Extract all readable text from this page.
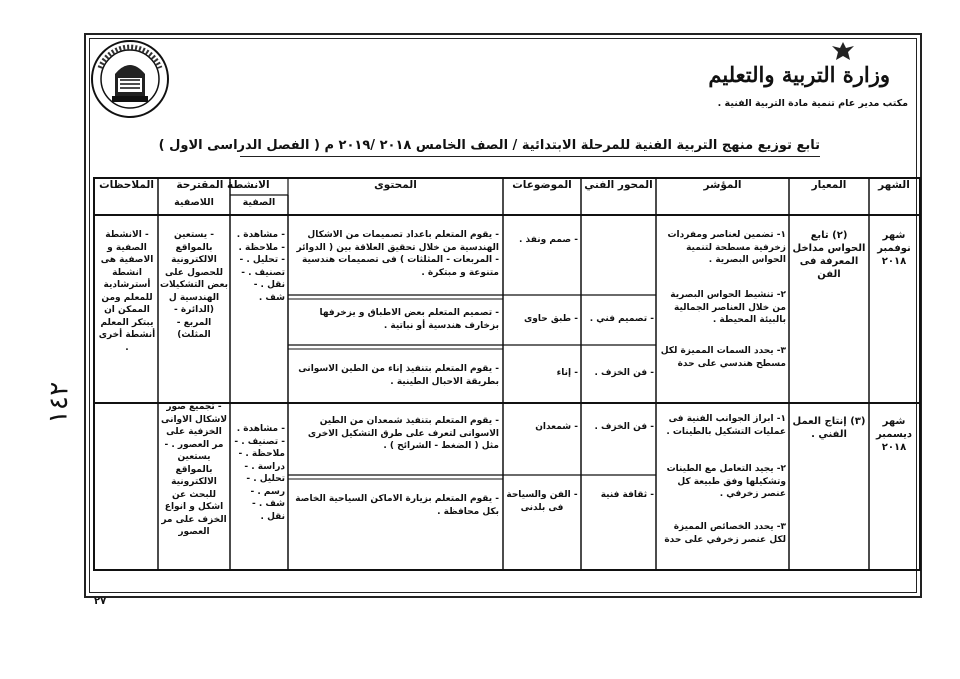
وزارة التربية والتعليم
مكتب مدير عام تنمية مادة التربية الفنية .
تابع توزيع منهج التربية الفنية للمرحلة الابتدائية / الصف الخامس ٢٠١٨ /٢٠١٩ م ( الفصل الدراسى الاول )
الشهر
المعيار
المؤشر
المحور الفني
الموضوعات
المحتوى
الانشطة المقترحة
الصفية
اللاصفية
الملاحظات
شهر نوفمبر ٢٠١٨
(٢) تابع الحواس مداخل المعرفة فى الفن
١- تضمين لعناصر ومفردات زخرفية مسطحة لتنمية الحواس البصرية .
٢- تنشيط الحواس البصرية من خلال العناصر الجمالية بالبيئة المحيطة .
٣- يحدد السمات المميزة لكل مسطح هندسي على حدة
- تصميم فني .
- فن الخزف .
- صمم ونفذ .
- طبق حاوى
- إناء
- يقوم المتعلم باعداد تصميمات من الاشكال الهندسية من خلال تحقيق العلاقة بين ( الدوائر - المربعات - المثلثات ) فى تصميمات هندسية متنوعة و مبتكرة .
- تصميم المتعلم بعض الاطباق و يزخرفها بزخارف هندسية أو نباتية .
- يقوم المتعلم بتنفيذ إناء من الطين الاسوانى بطريقة الاحبال الطينية .
- مشاهدة . - ملاحظة . - تحليل . - تصنيف . - نقل . - شف .
- يستعين بالمواقع الالكترونية للحصول على بعض التشكيلات الهندسية ل (الدائرة - المربع - المثلث)
- الانشطة الصفية و الاصفية هى انشطة أسترشادية للمعلم ومن الممكن ان يبتكر المعلم أنشطة أخرى .
شهر ديسمبر ٢٠١٨
(٣) إنتاج العمل الفني .
١- ابراز الجوانب الفنية فى عمليات التشكيل بالطينات .
٢- يجيد التعامل مع الطينات وتشكيلها وفق طبيعة كل عنصر زخرفي .
٣- يحدد الخصائص المميزة لكل عنصر زخرفي على حدة
- فن الخزف .
- ثقافة فنية
- شمعدان
- الفن والسياحة فى بلدنى
- يقوم المتعلم بتنفيذ شمعدان من الطين الاسوانى لتعرف على طرق التشكيل الاخرى مثل ( الضغط - الشرائح ) .
- يقوم المتعلم بزيارة الاماكن السياحية الخاصة بكل محافظة .
- مشاهدة . - تصنيف . - ملاحظة . - دراسة . - تحليل . - رسم . - شف . - نقل .
- تجميع صور لاشكال الاوانى الخزفية على مر العصور . - يستعين بالمواقع الالكترونية للبحث عن اشكل و انواع الخزف على مر العصور
١٤٢
٢٧
